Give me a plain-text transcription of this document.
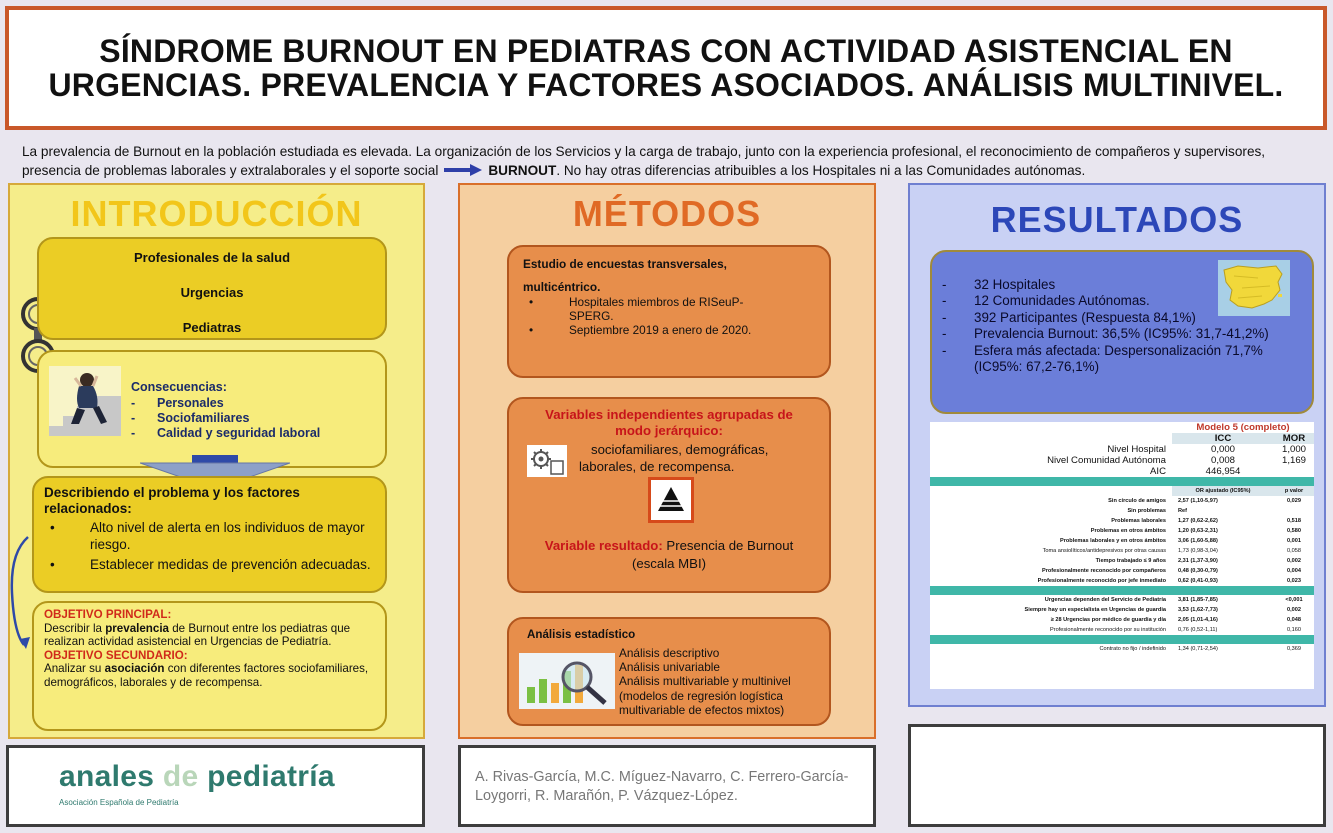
SÍNDROME BURNOUT EN PEDIATRAS CON ACTIVIDAD ASISTENCIAL EN
URGENCIAS. PREVALENCIA Y FACTORES ASOCIADOS. ANÁLISIS MULTINIVEL.
La prevalencia de Burnout en la población estudiada es elevada. La organización de los Servicios y la carga de trabajo, junto con la experiencia profesional, el reconocimiento de compañeros y supervisores, presencia de problemas laborales y extralaborales y el soporte social	BURNOUT. No hay otras diferencias atribuibles a los Hospitales ni a las Comunidades autónomas.
INTRODUCCIÓN
Profesionales de la salud
Urgencias
Pediatras
Consecuencias:
- Personales
- Sociofamiliares
- Calidad y seguridad laboral
Describiendo el problema y los factores relacionados:
• Alto nivel de alerta en los individuos de mayor riesgo.
• Establecer medidas de prevención adecuadas.
OBJETIVO PRINCIPAL:
Describir la prevalencia de Burnout entre los pediatras que realizan actividad asistencial en Urgencias de Pediatría.
OBJETIVO SECUNDARIO:
Analizar su asociación con diferentes factores sociofamiliares, demográficos, laborales y de recompensa.
MÉTODOS
Estudio de encuestas transversales,
multicéntrico.
• Hospitales miembros de RISeuP-SPERG.
• Septiembre 2019 a enero de 2020.
Variables independientes agrupadas de modo jerárquico:
sociofamiliares, demográficas, laborales, de recompensa.
Variable resultado: Presencia de Burnout (escala MBI)
Análisis estadístico
Análisis descriptivo
Análisis univariable
Análisis multivariable y multinivel (modelos de regresión logística multivariable de efectos mixtos)
RESULTADOS
-	32 Hospitales
-	12 Comunidades Autónomas.
-	392 Participantes (Respuesta 84,1%)
-	Prevalencia Burnout: 36,5% (IC95%: 31,7-41,2%)
-	Esfera más afectada: Despersonalización 71,7% (IC95%: 67,2-76,1%)
	Modelo 5 (completo)	
	ICC	MOR
Nivel Hospital	0,000	1,000
Nivel Comunidad Autónoma	0,008	1,169
AIC	446,954	

	OR ajustado (IC95%)	p valor
Sin círculo de amigos	2,57 (1,10-5,97)	0,029
Sin problemas	Ref	
Problemas laborales	1,27 (0,62-2,62)	0,518
Problemas en otros ámbitos	1,20 (0,63-2,31)	0,580
Problemas laborales y en otros ámbitos	3,06 (1,60-5,88)	0,001
Toma ansiolíticos/antidepresivos por otras causas	1,73 (0,98-3,04)	0,058
Tiempo trabajado ≤ 9 años	2,31 (1,37-3,90)	0,002
Profesionalmente reconocido por compañeros	0,48 (0,30-0,79)	0,004
Profesionalmente reconocido por jefe inmediato	0,62 (0,41-0,93)	0,023
Urgencias dependen del Servicio de Pediatría	3,81 (1,85-7,85)	<0,001
Siempre hay un especialista en Urgencias de guardia	3,53 (1,62-7,73)	0,002
≥ 28 Urgencias por médico de guardia y día	2,05 (1,01-4,16)	0,048
Profesionalmente reconocido por su institución	0,76 (0,52-1,11)	0,160
Contrato no fijo / indefinido	1,34 (0,71-2,54)	0,369
anales de pediatría
Asociación Española de Pediatría
A. Rivas-García, M.C. Míguez-Navarro, C. Ferrero-García-Loygorri, R. Marañón, P. Vázquez-López.
